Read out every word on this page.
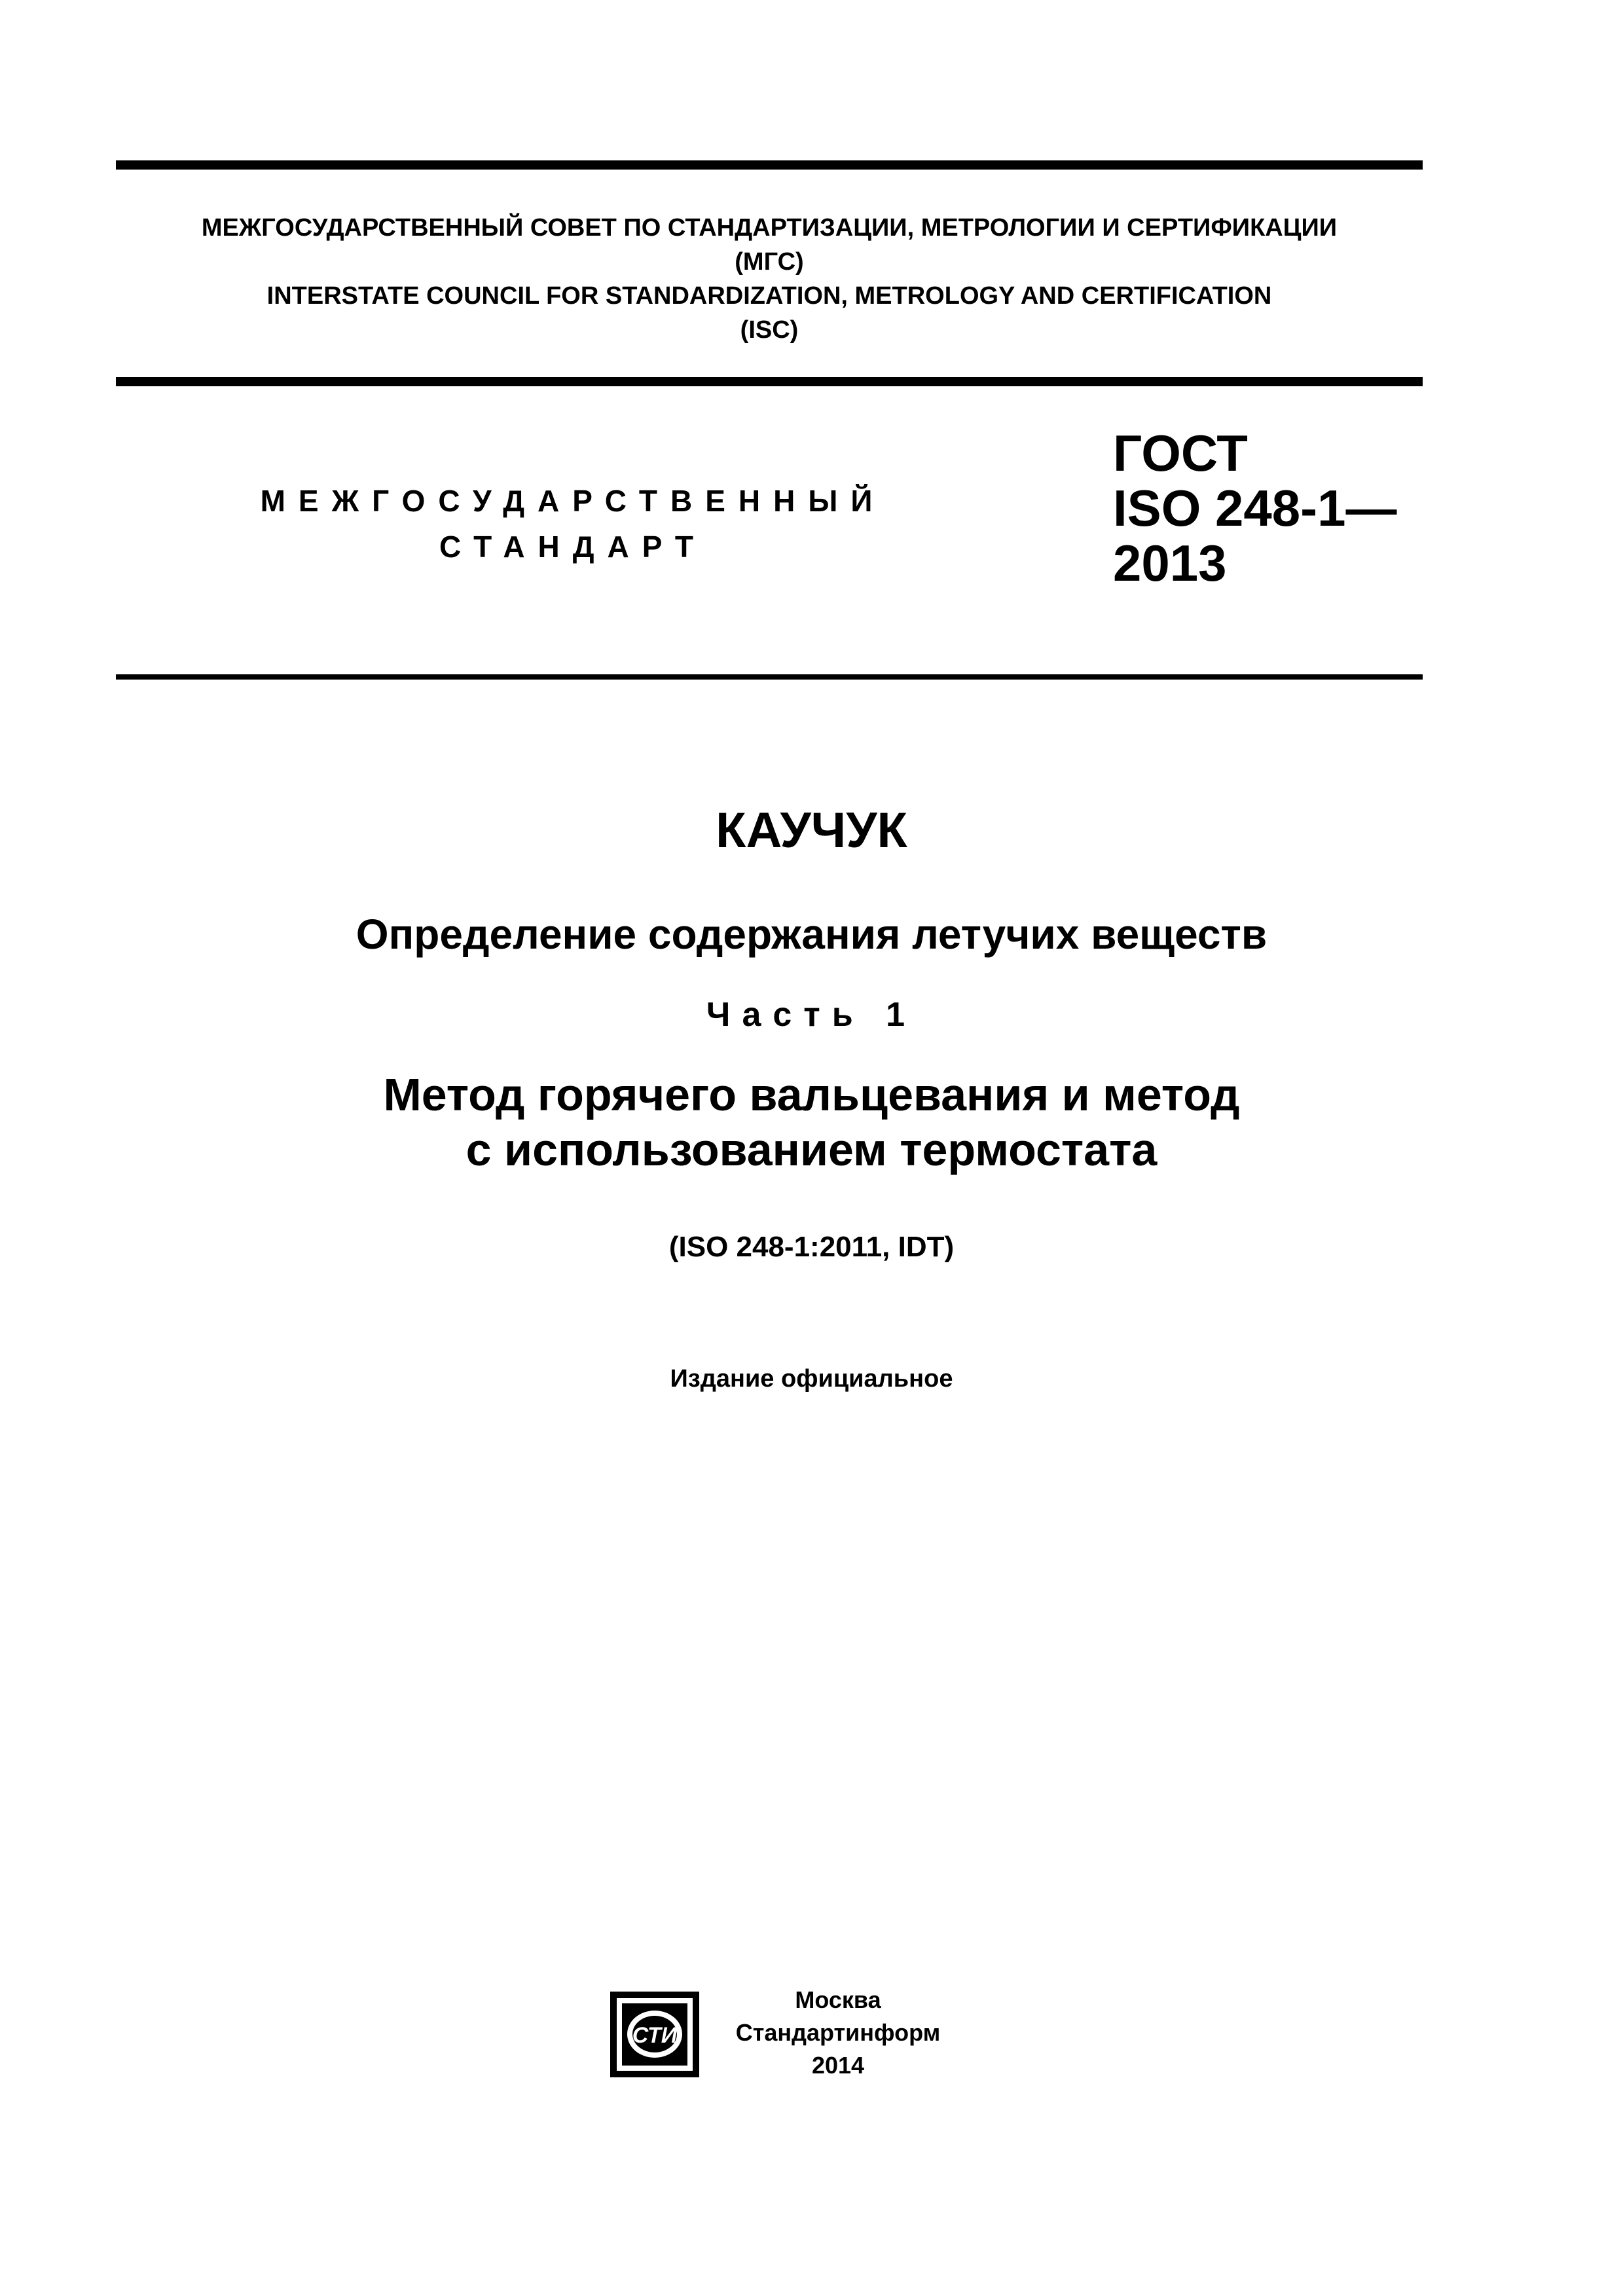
МЕЖГОСУДАРСТВЕННЫЙ СОВЕТ ПО СТАНДАРТИЗАЦИИ, МЕТРОЛОГИИ И СЕРТИФИКАЦИИ
(МГС)
INTERSTATE COUNCIL FOR STANDARDIZATION, METROLOGY AND CERTIFICATION
(ISC)
МЕЖГОСУДАРСТВЕННЫЙ
СТАНДАРТ
ГОСТ
ISO 248-1—
2013
КАУЧУК
Определение содержания летучих веществ
Часть 1
Метод горячего вальцевания и метод
с использованием термостата
(ISO 248-1:2011, IDT)
Издание официальное
СТИ
Москва
Стандартинформ
2014
